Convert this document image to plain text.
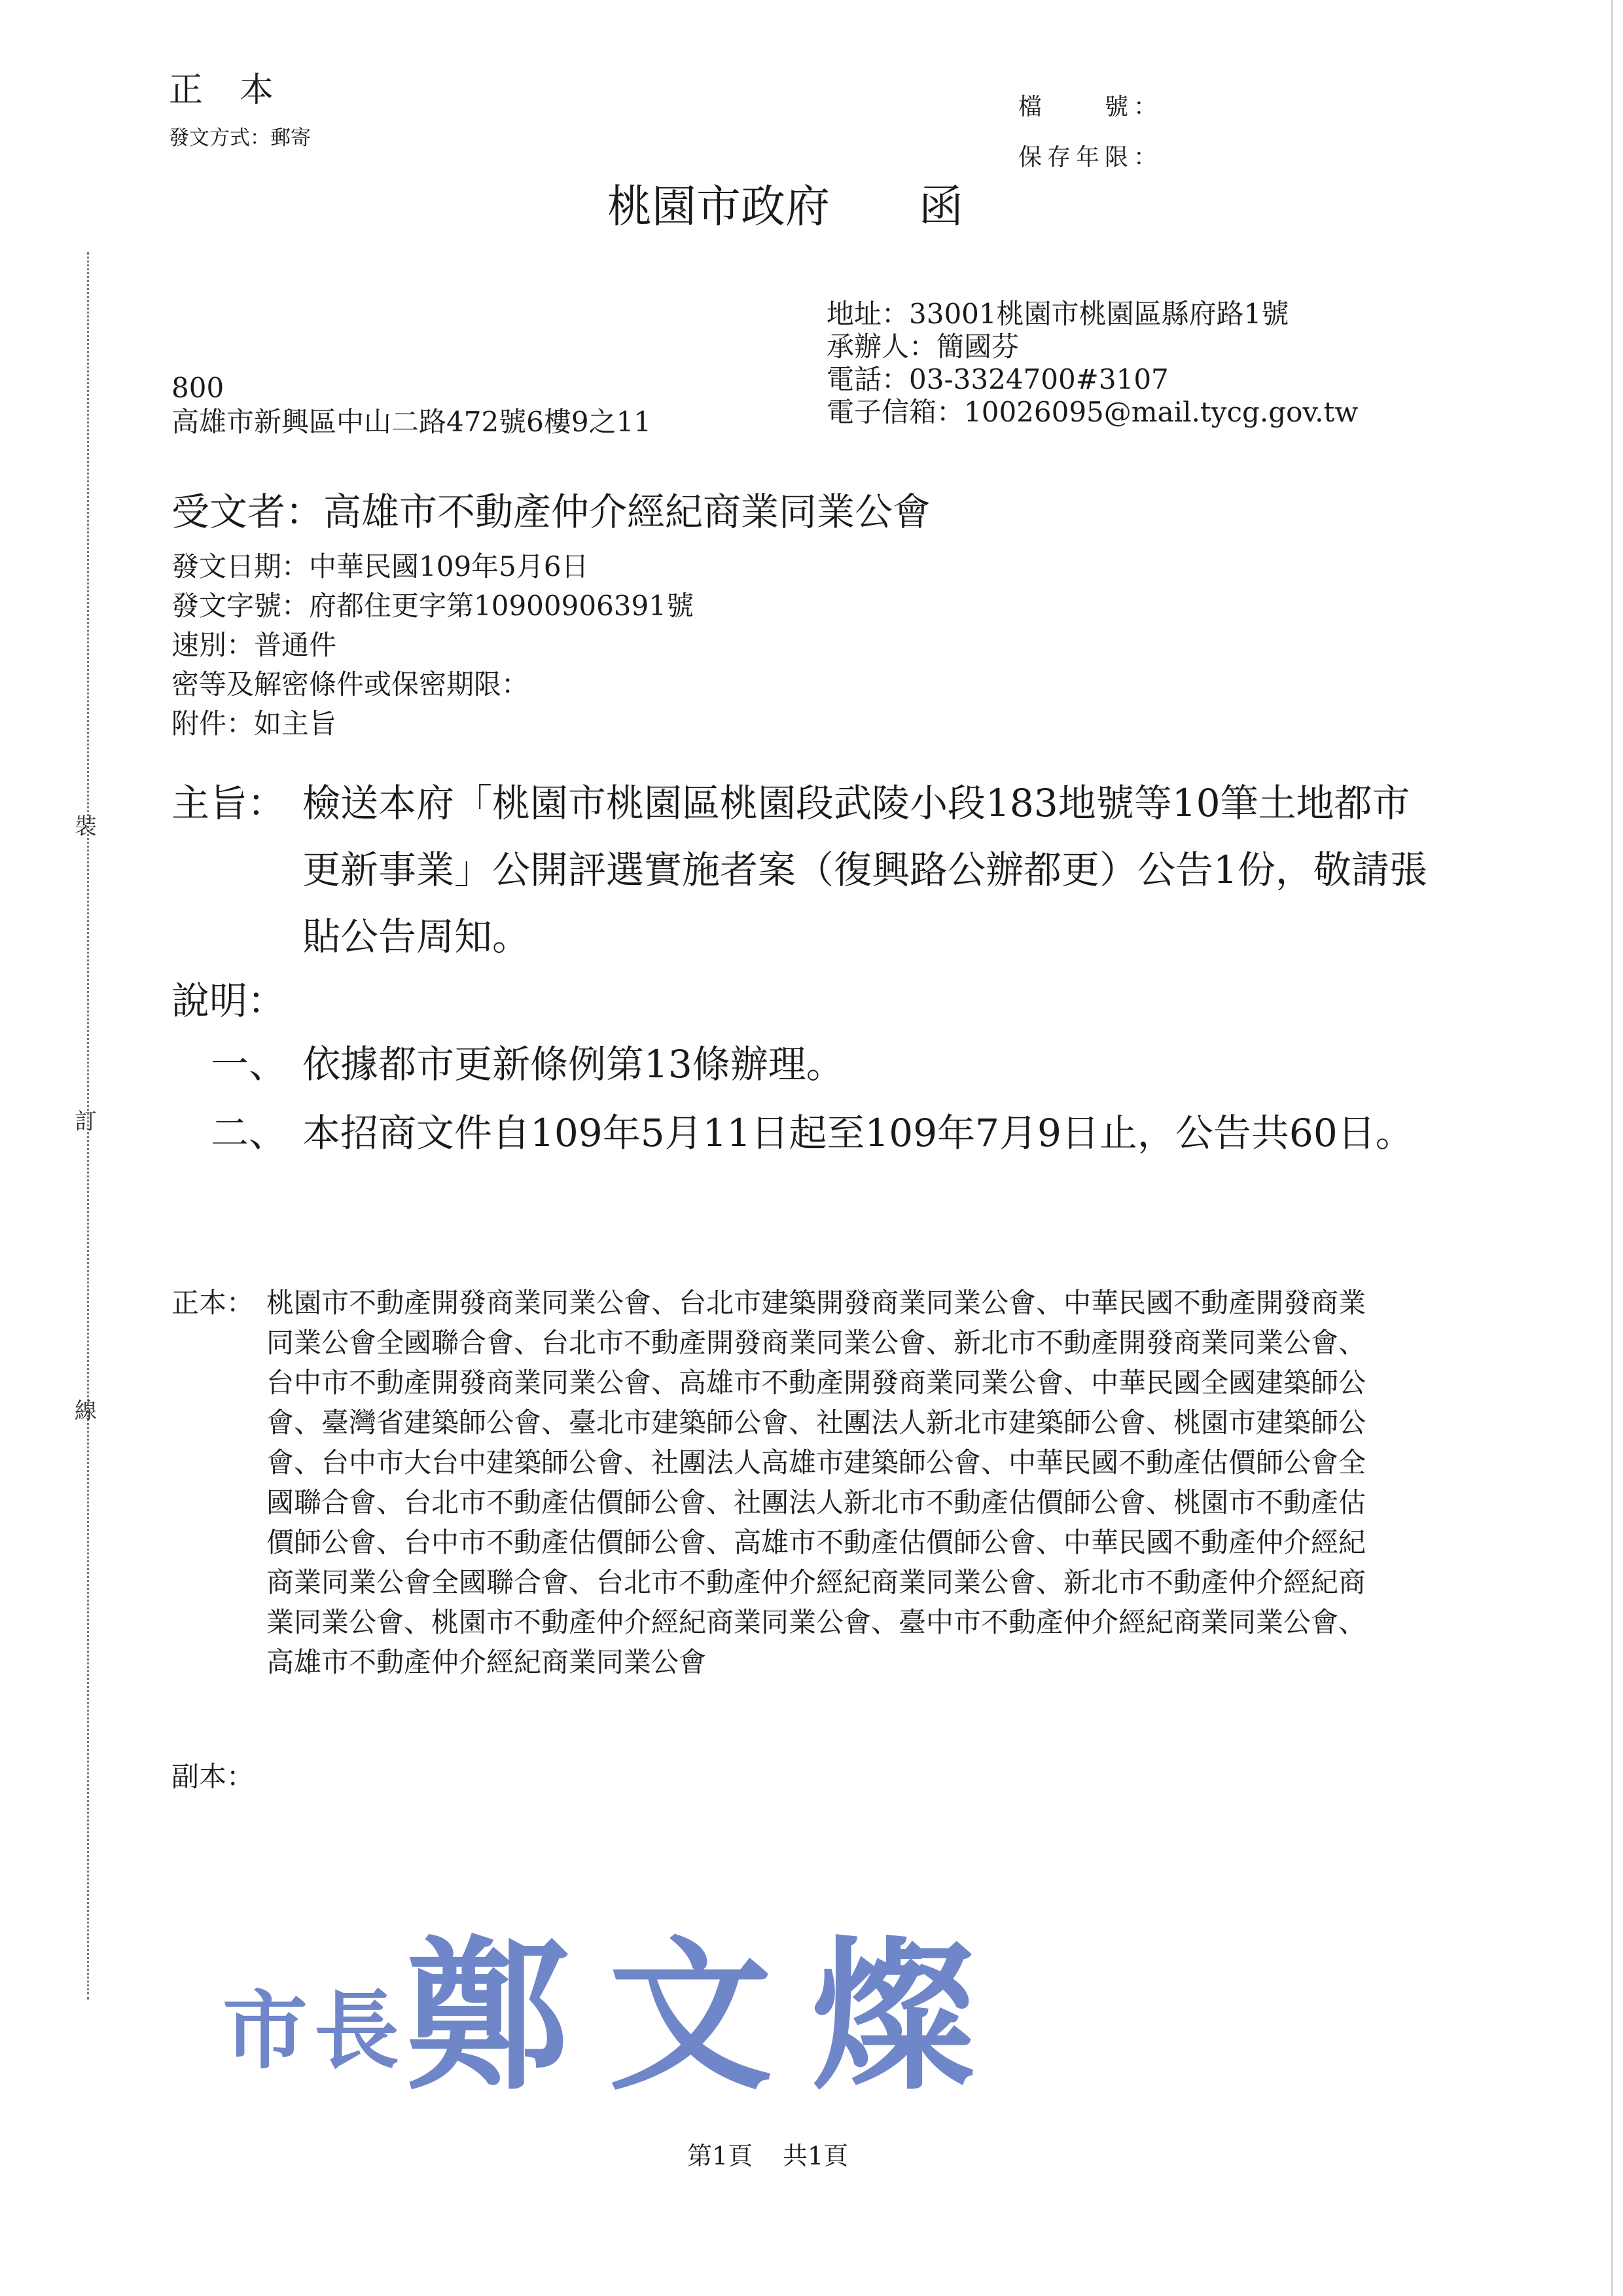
裝
訂
線
正本
發文方式：郵寄
檔　　號：
保存年限：
桃園市政府　　函
地址：33001桃園市桃園區縣府路1號
承辦人：簡國芬
電話：03-3324700#3107
電子信箱：10026095@mail.tycg.gov.tw
800
高雄市新興區中山二路472號6樓9之11
受文者：高雄市不動產仲介經紀商業同業公會
發文日期：中華民國109年5月6日
發文字號：府都住更字第10900906391號
速別：普通件
密等及解密條件或保密期限：
附件：如主旨
主旨： 檢送本府「桃園市桃園區桃園段武陵小段183地號等10筆土地都市更新事業」公開評選實施者案（復興路公辦都更）公告1份，敬請張貼公告周知。
說明：
一、 依據都市更新條例第13條辦理。
二、 本招商文件自109年5月11日起至109年7月9日止，公告共60日。
正本： 桃園市不動產開發商業同業公會、台北市建築開發商業同業公會、中華民國不動產開發商業同業公會全國聯合會、台北市不動產開發商業同業公會、新北市不動產開發商業同業公會、台中市不動產開發商業同業公會、高雄市不動產開發商業同業公會、中華民國全國建築師公會、臺灣省建築師公會、臺北市建築師公會、社團法人新北市建築師公會、桃園市建築師公會、台中市大台中建築師公會、社團法人高雄市建築師公會、中華民國不動產估價師公會全國聯合會、台北市不動產估價師公會、社團法人新北市不動產估價師公會、桃園市不動產估價師公會、台中市不動產估價師公會、高雄市不動產估價師公會、中華民國不動產仲介經紀商業同業公會全國聯合會、台北市不動產仲介經紀商業同業公會、新北市不動產仲介經紀商業同業公會、桃園市不動產仲介經紀商業同業公會、臺中市不動產仲介經紀商業同業公會、高雄市不動產仲介經紀商業同業公會
副本：
市長鄭文燦
第1頁 共1頁
